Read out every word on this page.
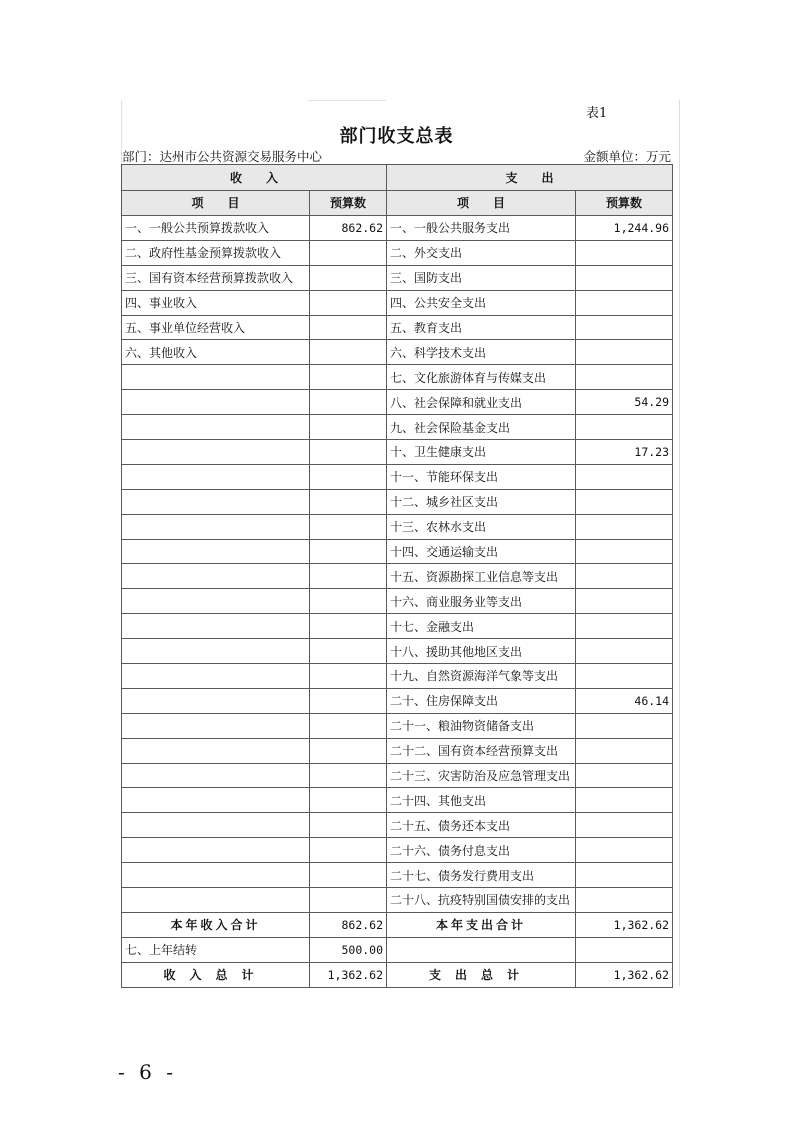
表1
部门收支总表
部门：达州市公共资源交易服务中心	金额单位：万元
收　　入		支　　出	
项　　目	预算数	项　　目	预算数
一、一般公共预算拨款收入	862.62	一、一般公共服务支出	1,244.96
二、政府性基金预算拨款收入		二、外交支出	
三、国有资本经营预算拨款收入		三、国防支出	
四、事业收入		四、公共安全支出	
五、事业单位经营收入		五、教育支出	
六、其他收入		六、科学技术支出	
		七、文化旅游体育与传媒支出	
		八、社会保障和就业支出	54.29
		九、社会保险基金支出	
		十、卫生健康支出	17.23
		十一、节能环保支出	
		十二、城乡社区支出	
		十三、农林水支出	
		十四、交通运输支出	
		十五、资源勘探工业信息等支出	
		十六、商业服务业等支出	
		十七、金融支出	
		十八、援助其他地区支出	
		十九、自然资源海洋气象等支出	
		二十、住房保障支出	46.14
		二十一、粮油物资储备支出	
		二十二、国有资本经营预算支出	
		二十三、灾害防治及应急管理支出	
		二十四、其他支出	
		二十五、债务还本支出	
		二十六、债务付息支出	
		二十七、债务发行费用支出	
		二十八、抗疫特别国债安排的支出	
本年收入合计	862.62	本年支出合计	1,362.62
七、上年结转	500.00		
收入总计	1,362.62	支出总计	1,362.62
- 6 -
